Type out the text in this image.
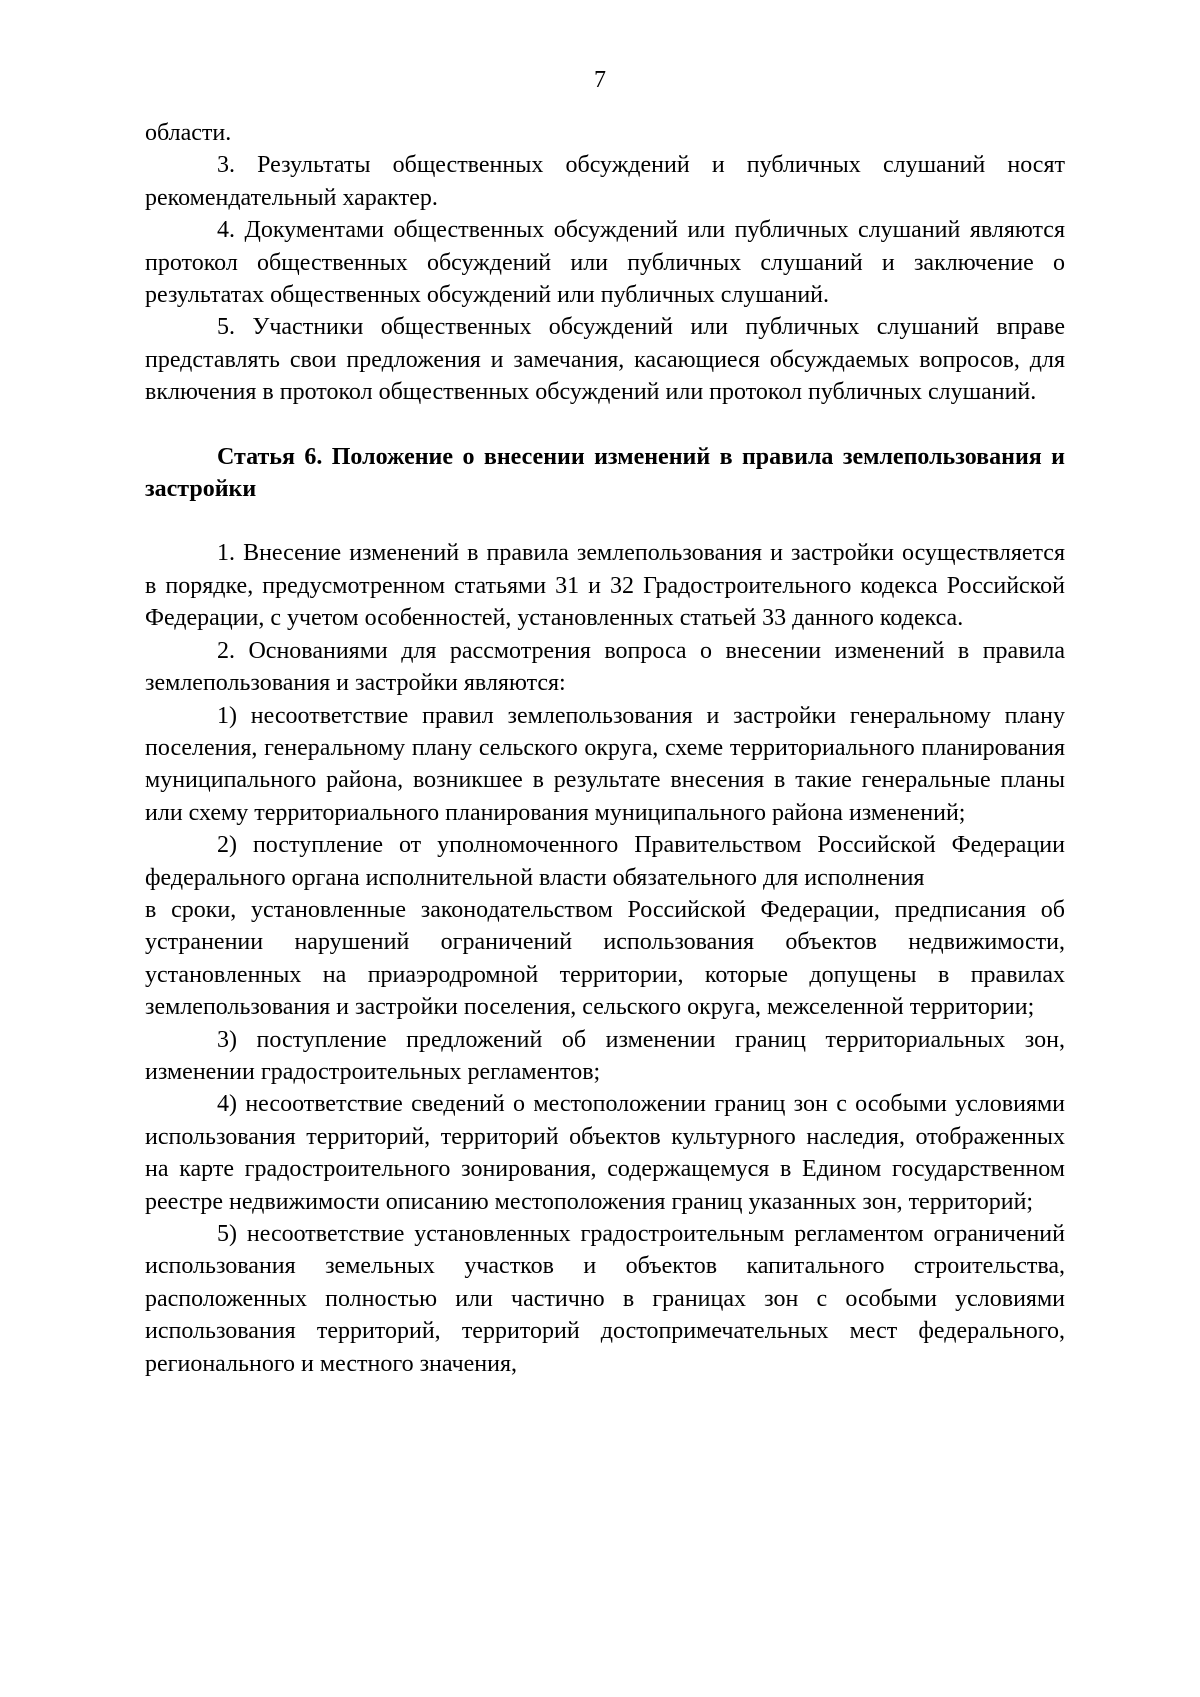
7

области.

3. Результаты общественных обсуждений и публичных слушаний носят рекомендательный характер.

4. Документами общественных обсуждений или публичных слушаний являются протокол общественных обсуждений или публичных слушаний и заключение о результатах общественных обсуждений или публичных слушаний.

5. Участники общественных обсуждений или публичных слушаний вправе представлять свои предложения и замечания, касающиеся обсуждаемых вопросов, для включения в протокол общественных обсуждений или протокол публичных слушаний.

Статья 6. Положение о внесении изменений в правила землепользования и застройки

1. Внесение изменений в правила землепользования и застройки осуществляется в порядке, предусмотренном статьями 31 и 32 Градостроительного кодекса Российской Федерации, с учетом особенностей, установленных статьей 33 данного кодекса.

2. Основаниями для рассмотрения вопроса о внесении изменений в правила землепользования и застройки являются:

1) несоответствие правил землепользования и застройки генеральному плану поселения, генеральному плану сельского округа, схеме территориального планирования муниципального района, возникшее в результате внесения в такие генеральные планы или схему территориального планирования муниципального района изменений;

2) поступление от уполномоченного Правительством Российской Федерации федерального органа исполнительной власти обязательного для исполнения

в сроки, установленные законодательством Российской Федерации, предписания об устранении нарушений ограничений использования объектов недвижимости, установленных на приаэродромной территории, которые допущены в правилах землепользования и застройки поселения, сельского округа, межселенной территории;

3) поступление предложений об изменении границ территориальных зон, изменении градостроительных регламентов;

4) несоответствие сведений о местоположении границ зон с особыми условиями использования территорий, территорий объектов культурного наследия, отображенных на карте градостроительного зонирования, содержащемуся в Едином государственном реестре недвижимости описанию местоположения границ указанных зон, территорий;

5) несоответствие установленных градостроительным регламентом ограничений использования земельных участков и объектов капитального строительства, расположенных полностью или частично в границах зон с особыми условиями использования территорий, территорий достопримечательных мест федерального, регионального и местного значения,
